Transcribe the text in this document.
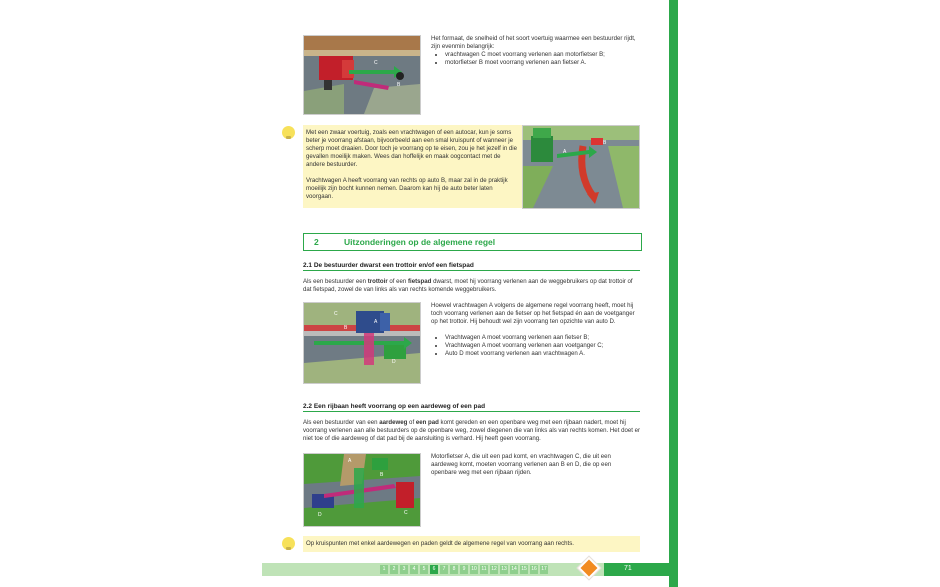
B
C

Het formaat, de snelheid of het soort voertuig waarmee een bestuurder rijdt, zijn evenmin belangrijk:

• vrachtwagen C moet voorrang verlenen aan motorfietser B;
• motorfietser B moet voorrang verlenen aan fietser A.

Met een zwaar voertuig, zoals een vrachtwagen of een autocar, kun je soms beter je voorrang afstaan, bijvoorbeeld aan een smal kruispunt of wanneer je scherp moet draaien. Door toch je voorrang op te eisen, zou je het jezelf in die gevallen moeilijk maken. Wees dan hoffelijk en maak oogcontact met de andere bestuurder.

Vrachtwagen A heeft voorrang van rechts op auto B, maar zal in de praktijk moeilijk zijn bocht kunnen nemen. Daarom kan hij de auto beter laten voorgaan.

A
B
2	Uitzonderingen op de algemene regel
2.1 De bestuurder dwarst een trottoir en/of een fietspad
Als een bestuurder een trottoir of een fietspad dwarst, moet hij voorrang verlenen aan de weggebruikers op dat trottoir of dat fietspad, zowel de van links als van rechts komende weggebruikers.
A
B
C
D

Hoewel vrachtwagen A volgens de algemene regel voorrang heeft, moet hij toch voorrang verlenen aan de fietser op het fietspad én aan de voetganger op het trottoir. Hij behoudt wel zijn voorrang ten opzichte van auto D.

• Vrachtwagen A moet voorrang verlenen aan fietser B;
• Vrachtwagen A moet voorrang verlenen aan voetganger C;
• Auto D moet voorrang verlenen aan vrachtwagen A.
2.2 Een rijbaan heeft voorrang op een aardeweg of een pad
Als een bestuurder van een aardeweg of een pad komt gereden en een openbare weg met een rijbaan nadert, moet hij voorrang verlenen aan alle bestuurders op de openbare weg, zowel diegenen die van links als van rechts komen. Het doet er niet toe of die aardeweg of dat pad bij de aansluiting is verhard. Hij heeft geen voorrang.
A
B
C
D

Motorfietser A, die uit een pad komt, en vrachtwagen C, die uit een aardeweg komt, moeten voorrang verlenen aan B en D, die op een openbare weg met een rijbaan rijden.

Op kruispunten met enkel aardewegen en paden geldt de algemene regel van voorrang aan rechts.
1	2	3	4	5	6	7	8	9	10 11 12 13 14 15 16 17	71
